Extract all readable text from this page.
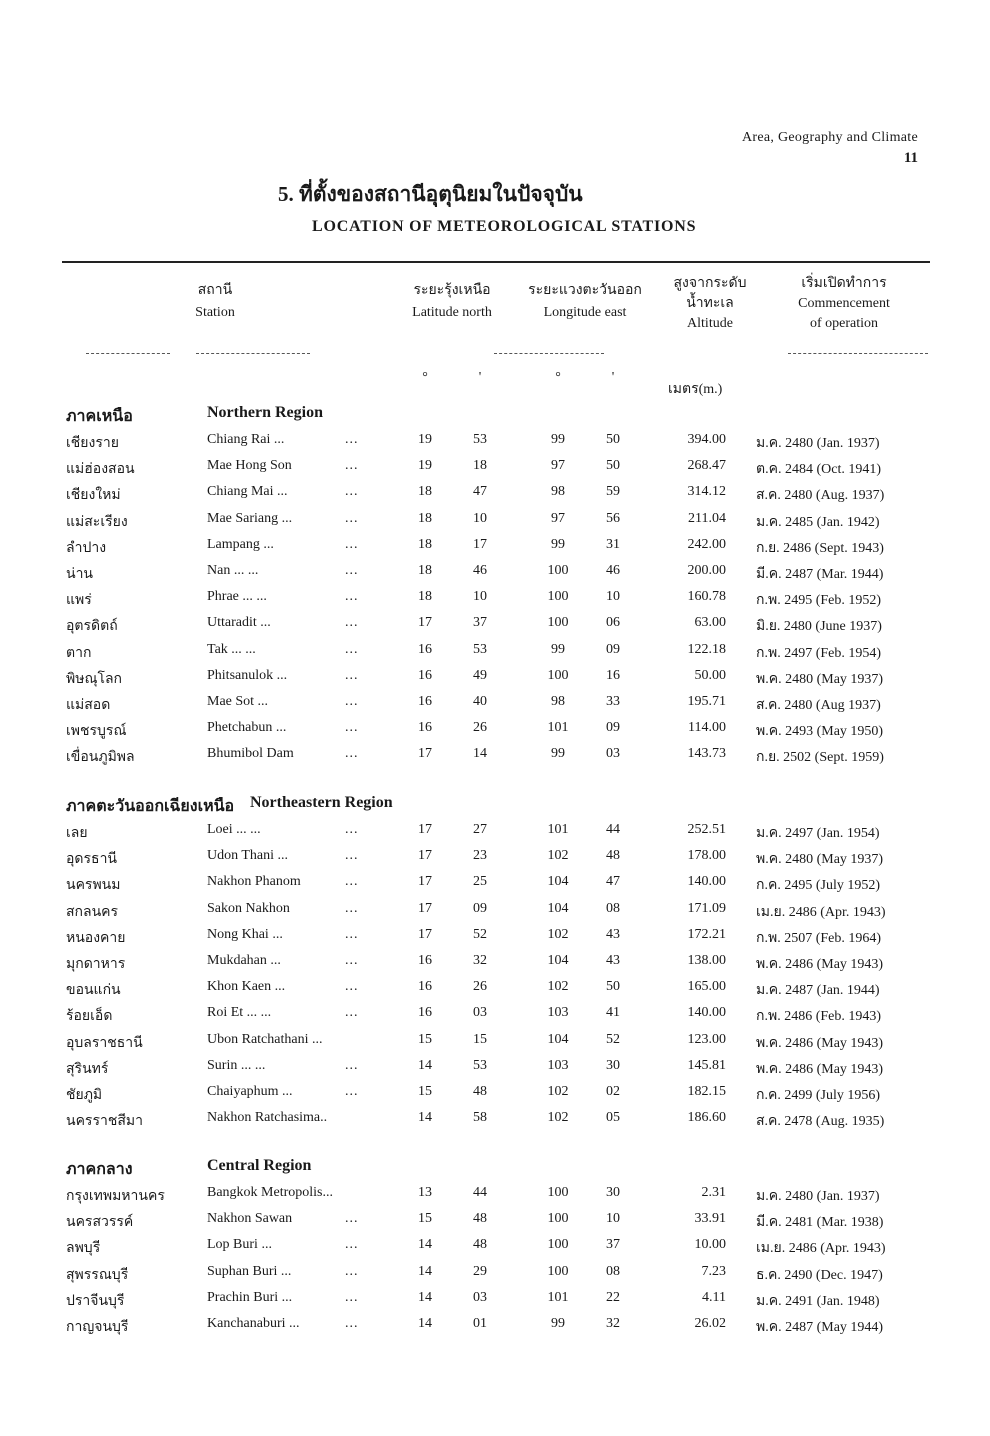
Area, Geography and Climate
11
5. ที่ตั้งของสถานีอุตุนิยมในปัจจุบัน
LOCATION OF METEOROLOGICAL STATIONS
สถานี
Station
ระยะรุ้งเหนือ
Latitude north
ระยะแวงตะวันออก
Longitude east
สูงจากระดับ
น้ำทะเล
Altitude
เริ่มเปิดทำการ
Commencement
of operation
°	'	°	'
เมตร(m.)
ภาคเหนือ	Northern Region
เชียงราย	Chiang Rai ...	...	19	53	99	50	394.00 ม.ค. 2480 (Jan. 1937)
แม่ฮ่องสอน	Mae Hong Son	...	19	18	97	50	268.47 ต.ค. 2484 (Oct. 1941)
เชียงใหม่	Chiang Mai ...	...	18	47	98	59	314.12 ส.ค. 2480 (Aug. 1937)
แม่สะเรียง	Mae Sariang ...	...	18	10	97	56	211.04 ม.ค. 2485 (Jan. 1942)
ลำปาง	Lampang ...	...	18	17	99	31	242.00 ก.ย. 2486 (Sept. 1943)
น่าน	Nan ... ...	...	18	46	100	46	200.00 มี.ค. 2487 (Mar. 1944)
แพร่	Phrae ... ...	...	18	10	100	10	160.78 ก.พ. 2495 (Feb. 1952)
อุตรดิตถ์	Uttaradit ...	...	17	37	100	06	63.00 มิ.ย. 2480 (June 1937)
ตาก	Tak ... ...	...	16	53	99	09	122.18 ก.พ. 2497 (Feb. 1954)
พิษณุโลก	Phitsanulok ...	...	16	49	100	16	50.00 พ.ค. 2480 (May 1937)
แม่สอด	Mae Sot ...	...	16	40	98	33	195.71 ส.ค. 2480 (Aug 1937)
เพชรบูรณ์	Phetchabun ...	...	16	26	101	09	114.00 พ.ค. 2493 (May 1950)
เขื่อนภูมิพล	Bhumibol Dam	...	17	14	99	03	143.73 ก.ย. 2502 (Sept. 1959)
ภาคตะวันออกเฉียงเหนือ Northeastern Region
เลย	Loei ... ...	...	17	27	101	44	252.51 ม.ค. 2497 (Jan. 1954)
อุดรธานี	Udon Thani ...	...	17	23	102	48	178.00 พ.ค. 2480 (May 1937)
นครพนม	Nakhon Phanom	...	17	25	104	47	140.00 ก.ค. 2495 (July 1952)
สกลนคร	Sakon Nakhon	...	17	09	104	08	171.09 เม.ย. 2486 (Apr. 1943)
หนองคาย	Nong Khai ...	...	17	52	102	43	172.21 ก.พ. 2507 (Feb. 1964)
มุกดาหาร	Mukdahan ...	...	16	32	104	43	138.00 พ.ค. 2486 (May 1943)
ขอนแก่น	Khon Kaen ...	...	16	26	102	50	165.00 ม.ค. 2487 (Jan. 1944)
ร้อยเอ็ด	Roi Et ... ...	...	16	03	103	41	140.00 ก.พ. 2486 (Feb. 1943)
อุบลราชธานี	Ubon Ratchathani ...	15	15	104	52	123.00 พ.ค. 2486 (May 1943)
สุรินทร์	Surin ... ...	...	14	53	103	30	145.81 พ.ค. 2486 (May 1943)
ชัยภูมิ	Chaiyaphum ...	...	15	48	102	02	182.15 ก.ค. 2499 (July 1956)
นครราชสีมา	Nakhon Ratchasima..	14	58	102	05	186.60 ส.ค. 2478 (Aug. 1935)
ภาคกลาง	Central Region
กรุงเทพมหานคร	Bangkok Metropolis...	13	44	100	30	2.31 ม.ค. 2480 (Jan. 1937)
นครสวรรค์	Nakhon Sawan	...	15	48	100	10	33.91 มี.ค. 2481 (Mar. 1938)
ลพบุรี	Lop Buri ...	...	14	48	100	37	10.00 เม.ย. 2486 (Apr. 1943)
สุพรรณบุรี	Suphan Buri ...	...	14	29	100	08	7.23 ธ.ค. 2490 (Dec. 1947)
ปราจีนบุรี	Prachin Buri ...	...	14	03	101	22	4.11 ม.ค. 2491 (Jan. 1948)
กาญจนบุรี	Kanchanaburi ...	...	14	01	99	32	26.02 พ.ค. 2487 (May 1944)
